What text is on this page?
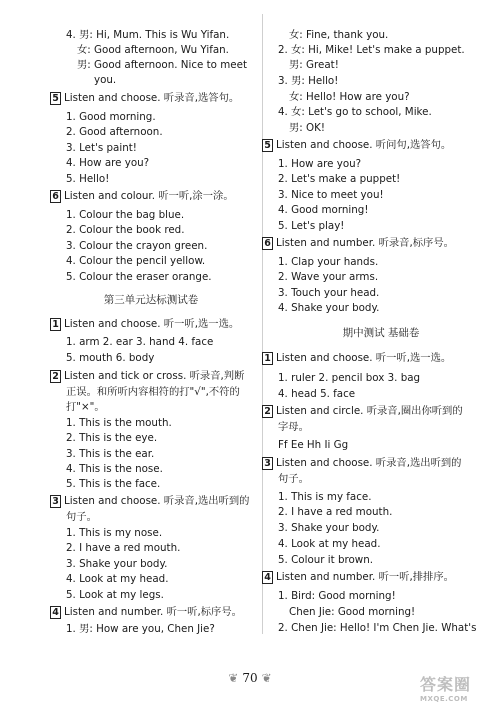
4. 男: Hi, Mum. This is Wu Yifan.
女: Good afternoon, Wu Yifan.
男: Good afternoon. Nice to meet
you.
5 Listen and choose. 听录音,选答句。
1. Good morning.
2. Good afternoon.
3. Let's paint!
4. How are you?
5. Hello!
6 Listen and colour. 听一听,涂一涂。
1. Colour the bag blue.
2. Colour the book red.
3. Colour the crayon green.
4. Colour the pencil yellow.
5. Colour the eraser orange.
第三单元达标测试卷
1 Listen and choose. 听一听,选一选。
1. arm 2. ear 3. hand 4. face
5. mouth 6. body
2 Listen and tick or cross. 听录音,判断
正误。和所听内容相符的打"√",不符的
打"×"。
1. This is the mouth.
2. This is the eye.
3. This is the ear.
4. This is the nose.
5. This is the face.
3 Listen and choose. 听录音,选出听到的
句子。
1. This is my nose.
2. I have a red mouth.
3. Shake your body.
4. Look at my head.
5. Look at my legs.
4 Listen and number. 听一听,标序号。
1. 男: How are you, Chen Jie?
女: Fine, thank you.
2. 女: Hi, Mike! Let's make a puppet.
男: Great!
3. 男: Hello!
女: Hello! How are you?
4. 女: Let's go to school, Mike.
男: OK!
5 Listen and choose. 听问句,选答句。
1. How are you?
2. Let's make a puppet!
3. Nice to meet you!
4. Good morning!
5. Let's play!
6 Listen and number. 听录音,标序号。
1. Clap your hands.
2. Wave your arms.
3. Touch your head.
4. Shake your body.
期中测试 基础卷
1 Listen and choose. 听一听,选一选。
1. ruler 2. pencil box 3. bag
4. head 5. face
2 Listen and circle. 听录音,圈出你听到的
字母。
Ff Ee Hh Ii Gg
3 Listen and choose. 听录音,选出听到的
句子。
1. This is my face.
2. I have a red mouth.
3. Shake your body.
4. Look at my head.
5. Colour it brown.
4 Listen and number. 听一听,排排序。
1. Bird: Good morning!
Chen Jie: Good morning!
2. Chen Jie: Hello! I'm Chen Jie. What's
❦ 70 ❦	答案圈
MXQE.COM
